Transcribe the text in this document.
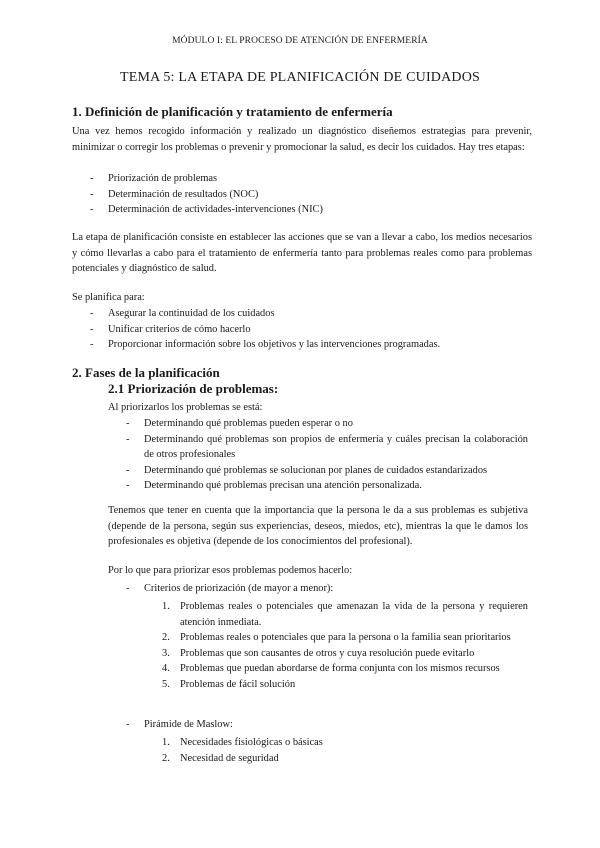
MÓDULO I: EL PROCESO DE ATENCIÓN DE ENFERMERÍA
TEMA 5: LA ETAPA DE PLANIFICACIÓN DE CUIDADOS
1. Definición de planificación y tratamiento de enfermería
Una vez hemos recogido información y realizado un diagnóstico diseñemos estrategias para prevenir, minimizar o corregir los problemas o prevenir y promocionar la salud, es decir los cuidados. Hay tres etapas:
- Priorización de problemas
- Determinación de resultados (NOC)
- Determinación de actividades-intervenciones (NIC)
La etapa de planificación consiste en establecer las acciones que se van a llevar a cabo, los medios necesarios y cómo llevarlas a cabo para el tratamiento de enfermería tanto para problemas reales como para problemas potenciales y diagnóstico de salud.
Se planifica para:
- Asegurar la continuidad de los cuidados
- Unificar criterios de cómo hacerlo
- Proporcionar información sobre los objetivos y las intervenciones programadas.
2. Fases de la planificación
2.1 Priorización de problemas:
Al priorizarlos los problemas se está:
- Determinando qué problemas pueden esperar o no
- Determinando qué problemas son propios de enfermería y cuáles precisan la colaboración de otros profesionales
- Determinando qué problemas se solucionan por planes de cuidados estandarizados
- Determinando qué problemas precisan una atención personalizada.
Tenemos que tener en cuenta que la importancia que la persona le da a sus problemas es subjetiva (depende de la persona, según sus experiencias, deseos, miedos, etc), mientras la que le damos los profesionales es objetiva (depende de los conocimientos del profesional).
Por lo que para priorizar esos problemas podemos hacerlo:
- Criterios de priorización (de mayor a menor):
1. Problemas reales o potenciales que amenazan la vida de la persona y requieren atención inmediata.
2. Problemas reales o potenciales que para la persona o la familia sean prioritarios
3. Problemas que son causantes de otros y cuya resolución puede evitarlo
4. Problemas que puedan abordarse de forma conjunta con los mismos recursos
5. Problemas de fácil solución
- Pirámide de Maslow:
1. Necesidades fisiológicas o básicas
2. Necesidad de seguridad
